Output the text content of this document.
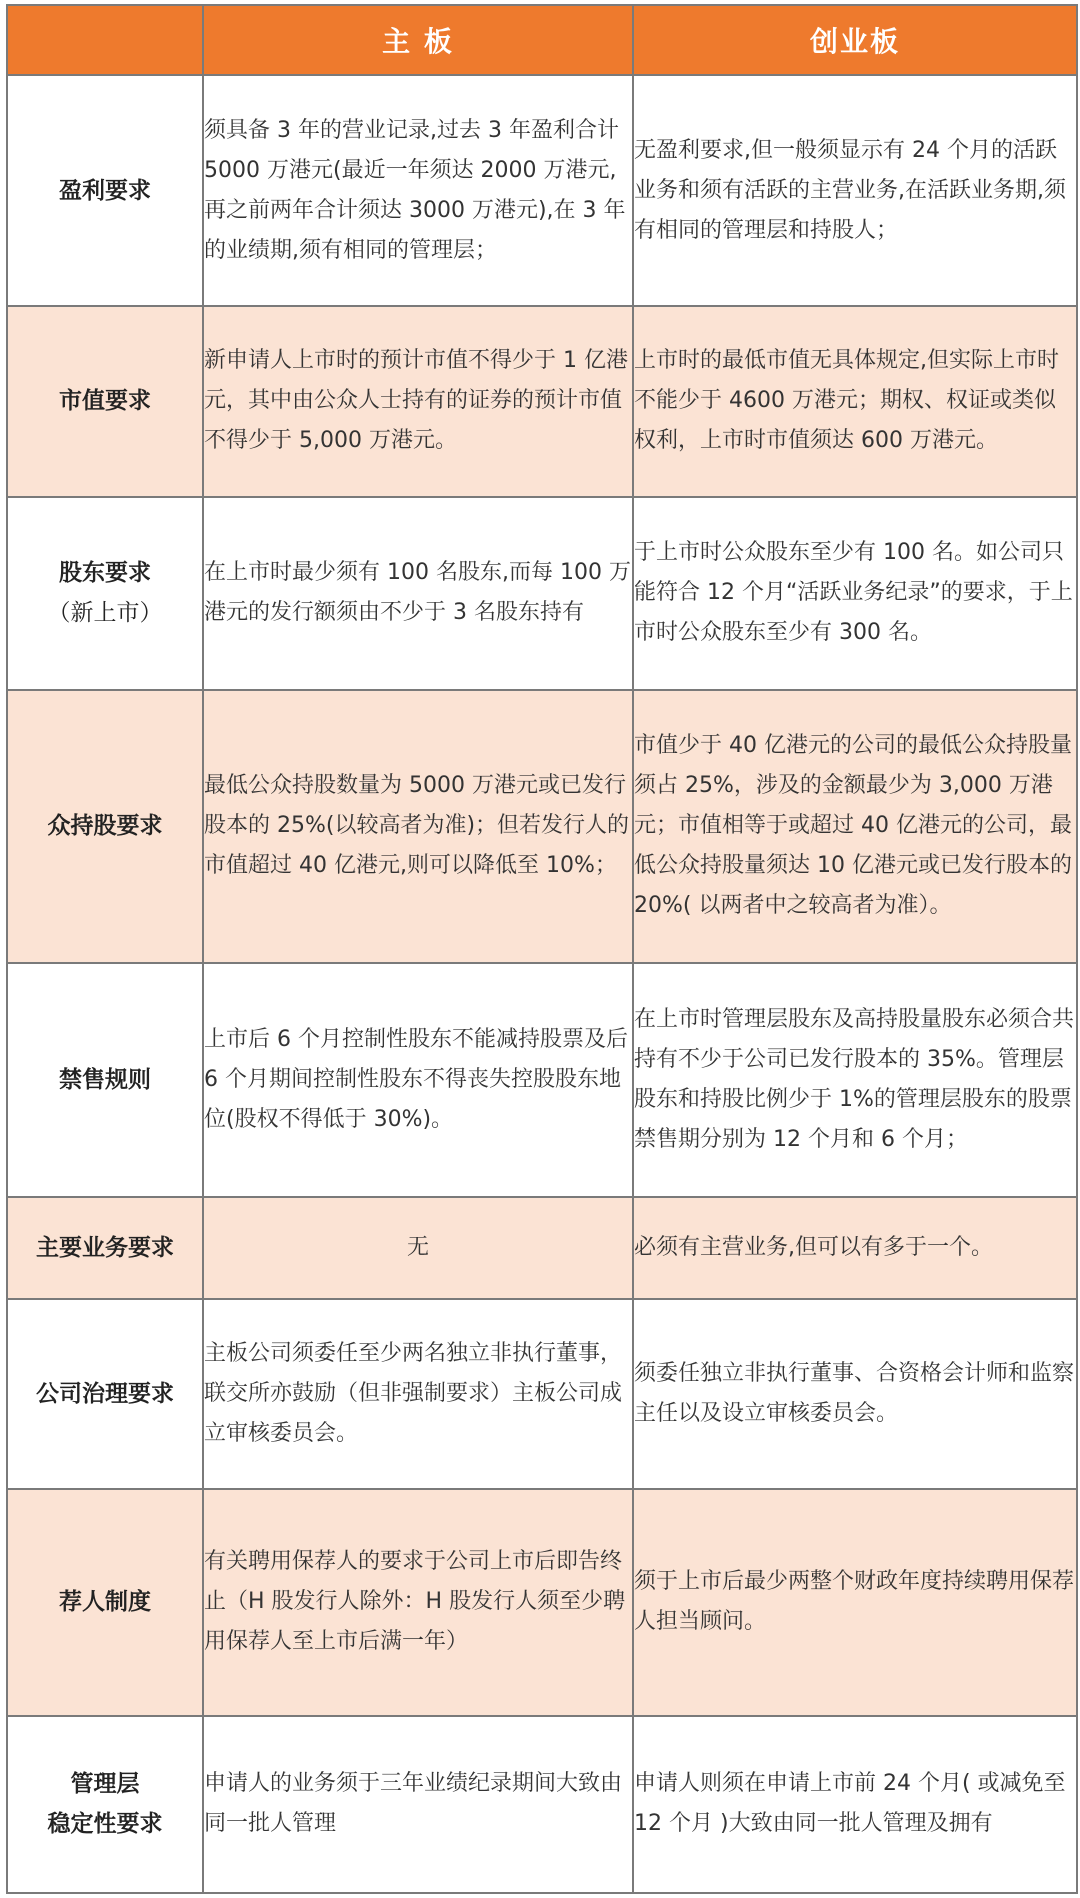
	主 板	创业板
盈利要求	须具备 3 年的营业记录,过去 3 年盈利合计 5000 万港元(最近一年须达 2000 万港元,再之前两年合计须达 3000 万港元),在 3 年的业绩期,须有相同的管理层；	无盈利要求,但一般须显示有 24 个月的活跃业务和须有活跃的主营业务,在活跃业务期,须有相同的管理层和持股人；
市值要求	新申请人上市时的预计市值不得少于 1 亿港元，其中由公众人士持有的证券的预计市值不得少于 5,000 万港元。	上市时的最低市值无具体规定,但实际上市时不能少于 4600 万港元；期权、权证或类似权利，上市时市值须达 600 万港元。

股东要求
（新上市）	在上市时最少须有 100 名股东,而每 100 万港元的发行额须由不少于 3 名股东持有	于上市时公众股东至少有 100 名。如公司只能符合 12 个月“活跃业务纪录”的要求，于上市时公众股东至少有 300 名。
众持股要求	最低公众持股数量为 5000 万港元或已发行股本的 25%(以较高者为准)；但若发行人的市值超过 40 亿港元,则可以降低至 10%；	市值少于 40 亿港元的公司的最低公众持股量须占 25%，涉及的金额最少为 3,000 万港元；市值相等于或超过 40 亿港元的公司，最低公众持股量须达 10 亿港元或已发行股本的 20%( 以两者中之较高者为准）。
禁售规则	上市后 6 个月控制性股东不能减持股票及后 6 个月期间控制性股东不得丧失控股股东地位(股权不得低于 30%)。	在上市时管理层股东及高持股量股东必须合共持有不少于公司已发行股本的 35%。管理层股东和持股比例少于 1%的管理层股东的股票禁售期分别为 12 个月和 6 个月；
主要业务要求	无	必须有主营业务,但可以有多于一个。
公司治理要求	主板公司须委任至少两名独立非执行董事，联交所亦鼓励（但非强制要求）主板公司成立审核委员会。	须委任独立非执行董事、合资格会计师和监察主任以及设立审核委员会。
荐人制度	有关聘用保荐人的要求于公司上市后即告终止（H 股发行人除外：H 股发行人须至少聘用保荐人至上市后满一年）	须于上市后最少两整个财政年度持续聘用保荐人担当顾问。

管理层
稳定性要求	申请人的业务须于三年业绩纪录期间大致由同一批人管理	申请人则须在申请上市前 24 个月( 或减免至 12 个月 )大致由同一批人管理及拥有
